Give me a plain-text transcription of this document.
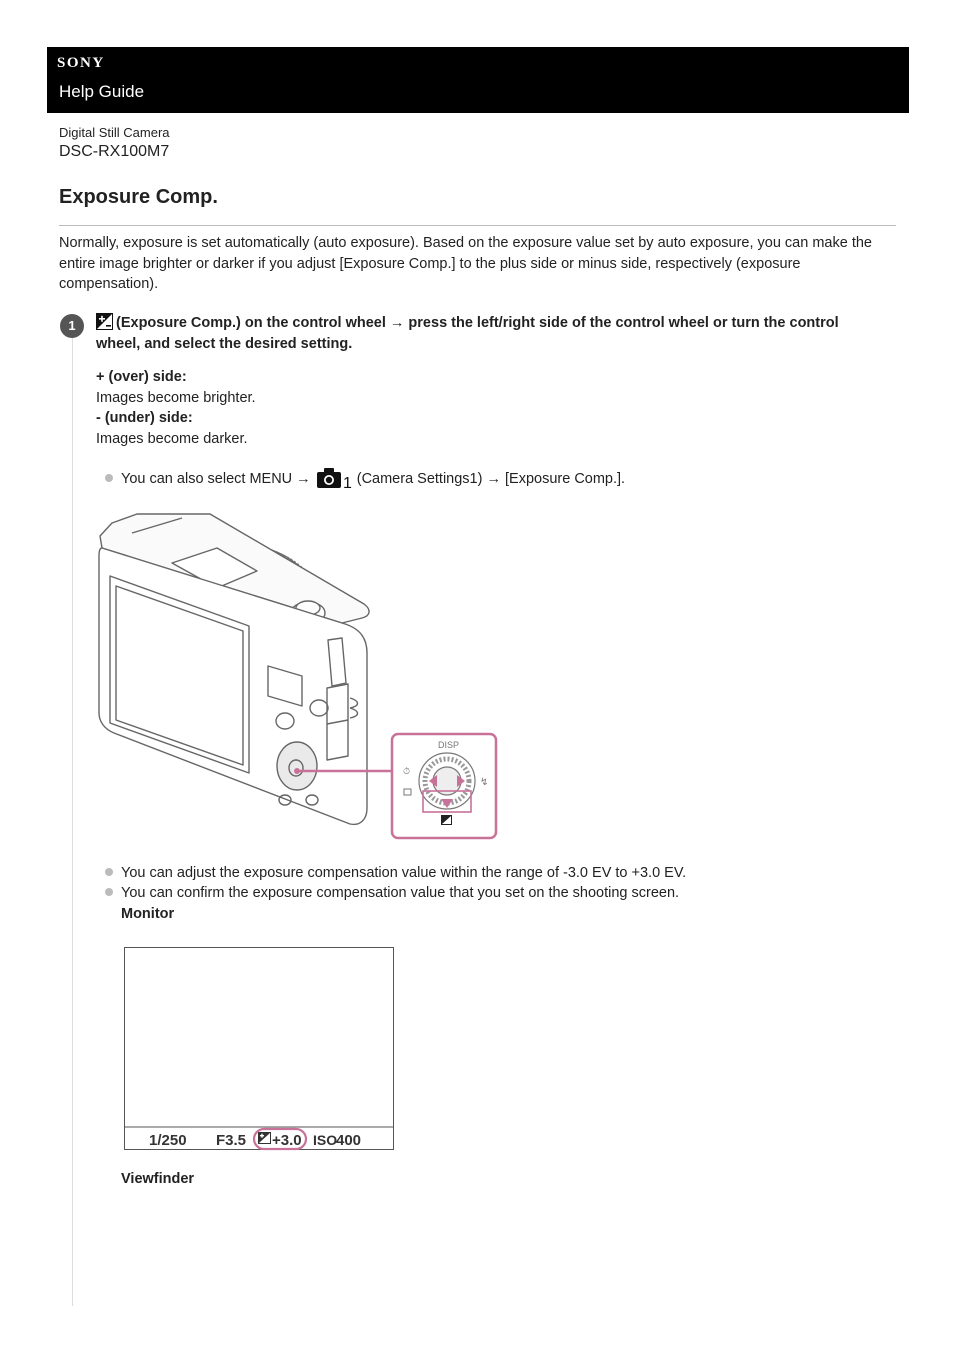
SONY
Help Guide
Digital Still Camera
DSC-RX100M7
Exposure Comp.

Normally, exposure is set automatically (auto exposure). Based on the exposure value set by auto exposure, you can make the entire image brighter or darker if you adjust [Exposure Comp.] to the plus side or minus side, respectively (exposure compensation).

1	(Exposure Comp.) on the control wheel → press the left/right side of the control wheel or turn the control wheel, and select the desired setting.

+ (over) side:
Images become brighter.
- (under) side:
Images become darker.
You can also select MENU → 1 (Camera Settings1) → [Exposure Comp.].
DISP
⏱
↯
You can adjust the exposure compensation value within the range of -3.0 EV to +3.0 EV.
You can confirm the exposure compensation value that you set on the shooting screen.
Monitor
1/250 F3.5 +3.0 ISO
400
Viewfinder
